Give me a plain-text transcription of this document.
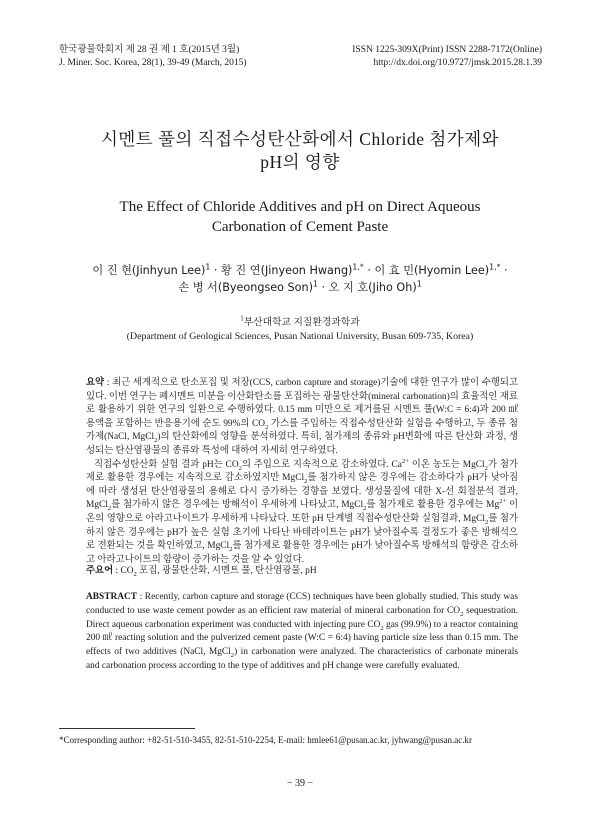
한국광물학회지 제 28 권 제 1 호(2015년 3월)
J. Miner. Soc. Korea, 28(1), 39-49 (March, 2015)
ISSN 1225-309X(Print) ISSN 2288-7172(Online)
http://dx.doi.org/10.9727/jmsk.2015.28.1.39
시멘트 풀의 직접수성탄산화에서 Chloride 첨가제와
pH의 영향
The Effect of Chloride Additives and pH on Direct Aqueous
Carbonation of Cement Paste
이 진 현(Jinhyun Lee)$^1$ · 황 진 연(Jinyeon Hwang)$^{1,*}$ · 이 효 민(Hyomin Lee)$^{1,*}$ ·
손 병 서(Byeongseo Son)$^1$ · 오 지 호(Jiho Oh)$^1$
$^1$부산대학교 지질환경과학과
(Department of Geological Sciences, Pusan National University, Busan 609-735, Korea)

요약 : 최근 세계적으로 탄소포집 및 저장(CCS, carbon capture and storage)기술에 대한 연구가 많이 수행되고 있다. 이번 연구는 폐시멘트 미분을 이산화탄소를 포집하는 광물탄산화(mineral carbonation)의 효율적인 재료로 활용하기 위한 연구의 일환으로 수행하였다. 0.15 mm 미만으로 제거를된 시멘트 풀(W:C = 6:4)과 200 ㎖ 용액을 포함하는 반응용기에 순도 99%의 $CO_2$ 가스를 주입하는 직접수성탄산화 실험을 수행하고, 두 종류 첨가제(NaCl, MgCl$_2$)의 탄산화에의 영향을 분석하였다. 특히, 첨가제의 종류와 pH변화에 따른 탄산화 과정, 생성되는 탄산염광물의 종류와 특성에 대하여 자세히 연구하였다.

직접수성탄산화 실험 결과 pH는 $CO_2$의 주입으로 지속적으로 감소하였다. $Ca^{2+}$ 이온 농도는 MgCl$_2$가 첨가제로 활용한 경우에는 지속적으로 감소하였지만 MgCl$_2$를 첨가하지 않은 경우에는 감소하다가 pH가 낮아짐에 따라 생성된 탄산염광물의 용해로 다시 증가하는 경향을 보였다. 생성물질에 대한 X-선 회절분석 결과, MgCl$_2$를 첨가하지 않은 경우에는 방해석이 우세하게 나타났고, MgCl$_2$를 첨가제로 활용한 경우에는 $Mg^{2+}$ 이온의 영향으로 아라고나이트가 우세하게 나타났다. 또한 pH 단계별 직접수성탄산화 실험결과, MgCl$_2$를 첨가하지 않은 경우에는 pH가 높은 실험 초기에 나타난 바테라이트는 pH가 낮아질수록 결정도가 좋은 방해석으로 전환되는 것을 확인하였고, MgCl$_2$를 첨가제로 활용한 경우에는 pH가 낮아질수록 방해석의 함량은 감소하고 아라고나이트의 함량이 증가하는 것을 알 수 있었다.

주요어 : $CO_2$ 포집, 광물탄산화, 시멘트 풀, 탄산염광물, pH
ABSTRACT : Recently, carbon capture and storage (CCS) techniques have been globally studied. This study was conducted to use waste cement powder as an efficient raw material of mineral carbonation for $CO_2$ sequestration. Direct aqueous carbonation experiment was conducted with injecting pure $CO_2$ gas (99.9%) to a reactor containing 200 ㎖ reacting solution and the pulverized cement paste (W:C = 6:4) having particle size less than 0.15 mm. The effects of two additives (NaCl, MgCl$_2$) in carbonation were analyzed. The characteristics of carbonate minerals and carbonation process according to the type of additives and pH change were carefully evaluated.
*Corresponding author: +82-51-510-3455, 82-51-510-2254, E-mail: hmlee61@pusan.ac.kr, jyhwang@pusan.ac.kr
− 39 −
